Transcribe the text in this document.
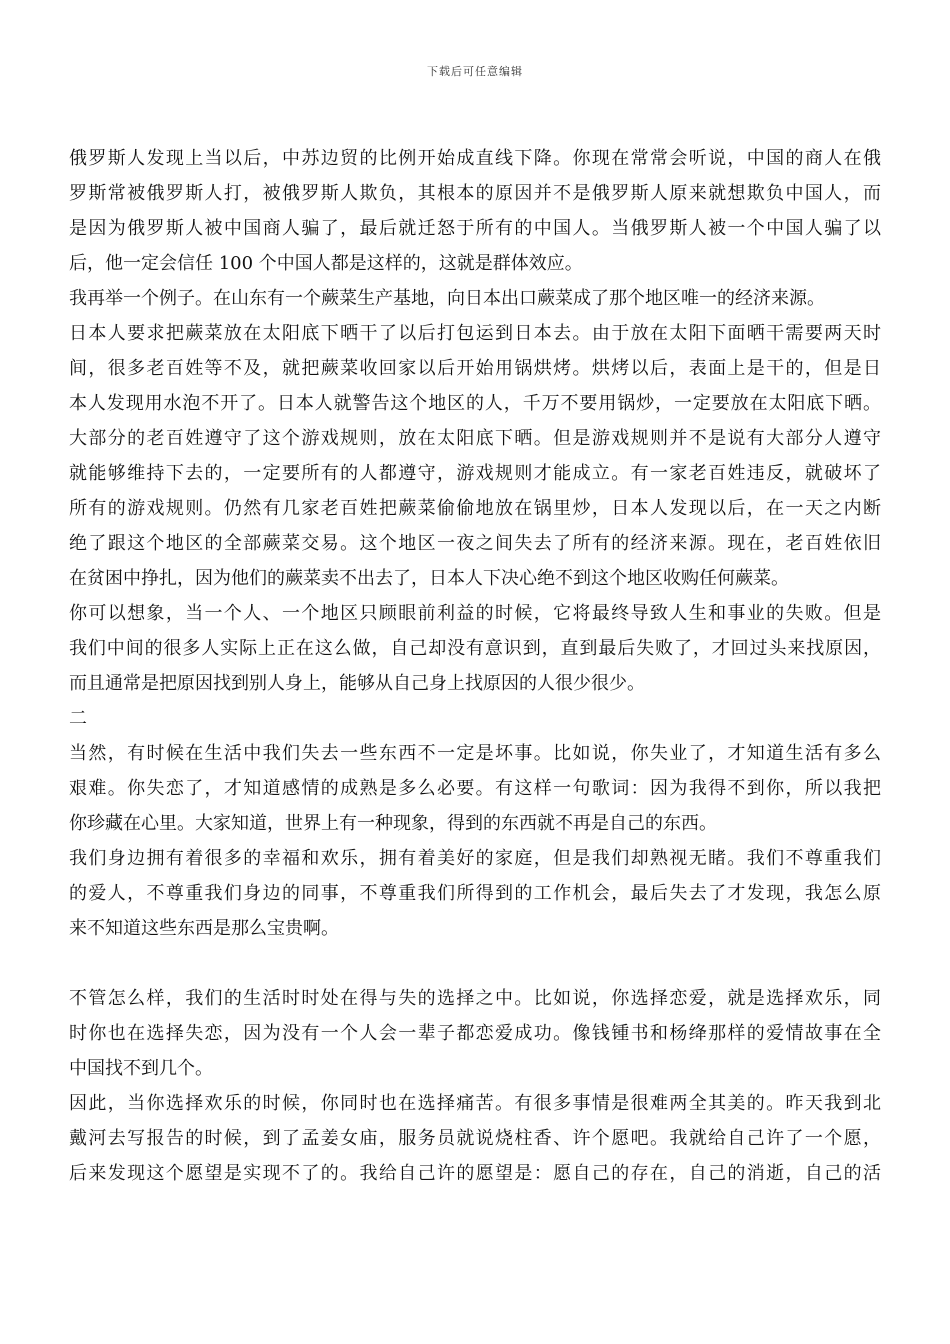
下载后可任意编辑
俄罗斯人发现上当以后，中苏边贸的比例开始成直线下降。你现在常常会听说，中国的商人在俄
罗斯常被俄罗斯人打，被俄罗斯人欺负，其根本的原因并不是俄罗斯人原来就想欺负中国人，而
是因为俄罗斯人被中国商人骗了，最后就迁怒于所有的中国人。当俄罗斯人被一个中国人骗了以
后，他一定会信任 100 个中国人都是这样的，这就是群体效应。
我再举一个例子。在山东有一个蕨菜生产基地，向日本出口蕨菜成了那个地区唯一的经济来源。
日本人要求把蕨菜放在太阳底下晒干了以后打包运到日本去。由于放在太阳下面晒干需要两天时
间，很多老百姓等不及，就把蕨菜收回家以后开始用锅烘烤。烘烤以后，表面上是干的，但是日
本人发现用水泡不开了。日本人就警告这个地区的人，千万不要用锅炒，一定要放在太阳底下晒。
大部分的老百姓遵守了这个游戏规则，放在太阳底下晒。但是游戏规则并不是说有大部分人遵守
就能够维持下去的，一定要所有的人都遵守，游戏规则才能成立。有一家老百姓违反，就破坏了
所有的游戏规则。仍然有几家老百姓把蕨菜偷偷地放在锅里炒，日本人发现以后，在一天之内断
绝了跟这个地区的全部蕨菜交易。这个地区一夜之间失去了所有的经济来源。现在，老百姓依旧
在贫困中挣扎，因为他们的蕨菜卖不出去了，日本人下决心绝不到这个地区收购任何蕨菜。
你可以想象，当一个人、一个地区只顾眼前利益的时候，它将最终导致人生和事业的失败。但是
我们中间的很多人实际上正在这么做，自己却没有意识到，直到最后失败了，才回过头来找原因，
而且通常是把原因找到别人身上，能够从自己身上找原因的人很少很少。
二
当然，有时候在生活中我们失去一些东西不一定是坏事。比如说，你失业了，才知道生活有多么
艰难。你失恋了，才知道感情的成熟是多么必要。有这样一句歌词：因为我得不到你，所以我把
你珍藏在心里。大家知道，世界上有一种现象，得到的东西就不再是自己的东西。
我们身边拥有着很多的幸福和欢乐，拥有着美好的家庭，但是我们却熟视无睹。我们不尊重我们
的爱人，不尊重我们身边的同事，不尊重我们所得到的工作机会，最后失去了才发现，我怎么原
来不知道这些东西是那么宝贵啊。
不管怎么样，我们的生活时时处在得与失的选择之中。比如说，你选择恋爱，就是选择欢乐，同
时你也在选择失恋，因为没有一个人会一辈子都恋爱成功。像钱锺书和杨绛那样的爱情故事在全
中国找不到几个。
因此，当你选择欢乐的时候，你同时也在选择痛苦。有很多事情是很难两全其美的。昨天我到北
戴河去写报告的时候，到了孟姜女庙，服务员就说烧柱香、许个愿吧。我就给自己许了一个愿，
后来发现这个愿望是实现不了的。我给自己许的愿望是：愿自己的存在，自己的消逝，自己的活
